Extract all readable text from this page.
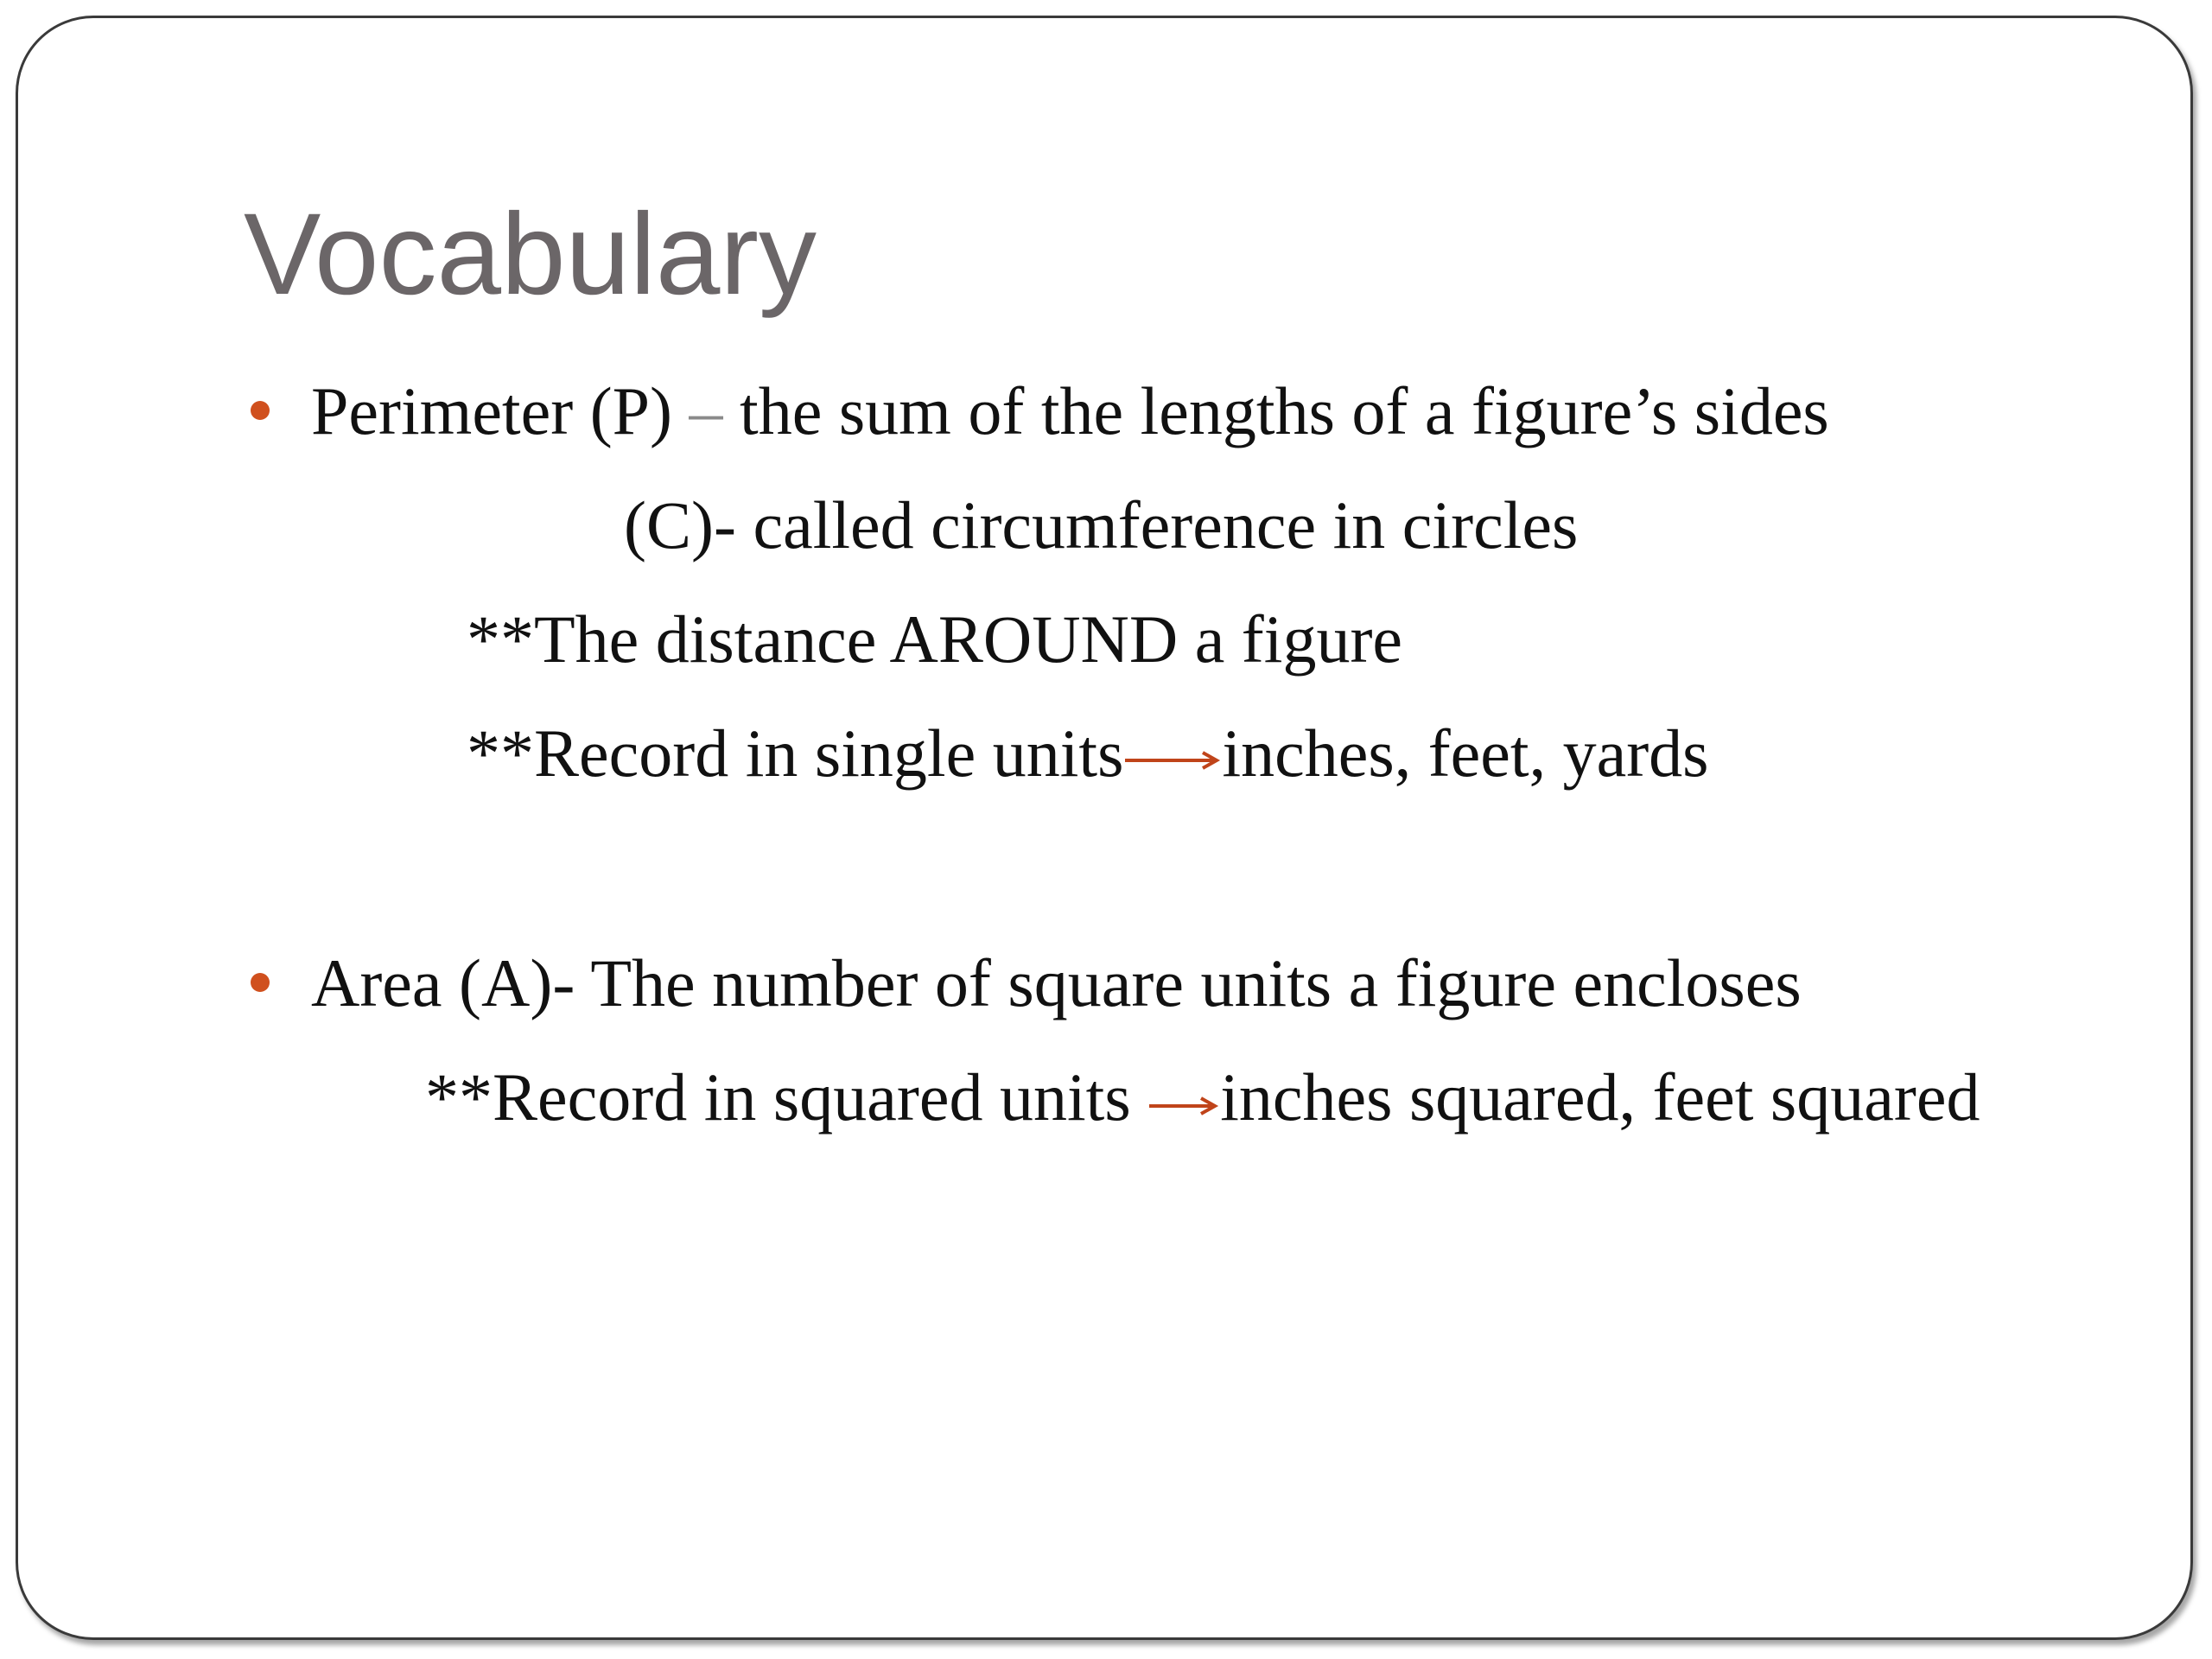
Vocabulary
Perimeter (P) – the sum of the lengths of a figure’s sides
(C)- called circumference in circles
**The distance AROUND a figure
**Record in single units inches, feet, yards
Area (A)- The number of square units a figure encloses
**Record in squared units
inches squared, feet squared
